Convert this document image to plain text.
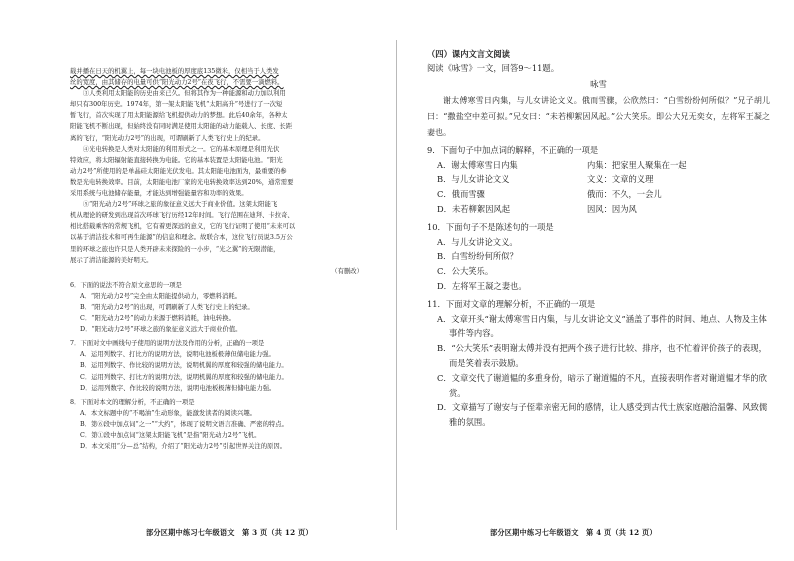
载并播在日天的机翼上，每一块电池板的厚度底135微米，仅相当于人类发

丝的宽度，由其储存的电量可供“阳光动力2号”在夜飞行，不需要一滴燃料。

③人类利用太阳能的历史由来已久。但将其作为一种能源和动力加以利用

却只有300年历史。1974年，第一架太阳能飞机“太阳高升”号进行了一次短

暂飞行，首次实现了用太阳能源给飞机提供动力的梦想。此后40余年，各种太

阳能飞机不断出现，但始终没有同时满足使用太阳能的动力能载人、长度、长距

离的飞行，“阳光动力2号”的出现，可谓刷新了人类飞行史上的纪录。

④光电转换是人类对太阳能的利用形式之一。它的基本原理是利用光伏

特效应，将太阳辐射能直接转换为电能。它的基本装置是太阳能电池。“阳光

动力2号”所使用的是单晶硅太阳能光伏发电。其太阳能电池面为，最重要的参

数是光电转换效率。目前，太阳能电池厂家的光电转换效率达到20%，通常需要

采用系统与电池储存能量，才能达到增强能量容和功率的效果。

⑤“阳光动力2号”环球之旅的象征意义远大于商业价值。这架太阳能飞

机从理论的研发到出现首次环球飞行历经12年时间。飞行范围在迪拜、卡拉奇、

相比搭载乘客的常规飞机，它有着更深远的意义，它的飞行证明了使用“未来可以

以基于清洁技术和可再生能源”的信息和理念。故联合本，这位飞行员说3.5万公

里的环球之旅也许只是人类开辟未来探险的一小步，“光之翼”的无限潜能，

展示了清洁能源的美好明天。

（有删改）

6．下面的说法不符合原文意思的一项是

A．“阳光动力2号”完全由太阳能提供动力，零燃料消耗。

B．“阳光动力2号”的出现，可谓刷新了人类飞行史上的纪录。

C．“阳光动力2号”的动力来源于燃料消耗，油电转换。

D．“阳光动力2号”环球之旅的象征意义远大于商业价值。

7．下面对文中画线句子使用的说明方法及作用的分析，正确的一项是

A．运用列数字、打比方的说明方法，说明电池板极薄但储电能力强。

B．运用列数字、作比较的说明方法，说明机翼的厚度和较强的储电能力。

C．运用列数字、打比方的说明方法，说明机翼的厚度和较强的储电能力。

D．运用列数字、作比较的说明方法，说明电池板极薄但储电能力强。

8．下面对本文的理解分析，不正确的一项是

A．本文标题中的“不喝油”生动形象，能激发读者的阅读兴趣。

B．第⑥段中加点词“之一”“大约”，体现了说明文语言准确、严密的特点。

C．第①段中加点词“这架太阳能飞机”是指“阳光动力2号”飞机。

D．本文采用“分—总”结构，介绍了“阳光动力2号”引起世界关注的原因。

（四）课内文言文阅读

阅读《咏雪》一文，回答9～11题。

咏雪

谢太傅寒雪日内集，与儿女讲论文义。俄而雪骤，公欣然曰：“白雪纷纷何所似？”兄子胡儿曰：“撒盐空中差可拟。”兄女曰：“未若柳絮因风起。”公大笑乐。即公大兄无奕女，左将军王凝之妻也。

9．下面句子中加点词的解释，不正确的一项是

A．谢太傅寒雪日内集	内集：把家里人聚集在一起
B．与儿女讲论文义	文义：文章的义理
C．俄而雪骤	俄而：不久，一会儿
D．未若柳絮因风起	因风：因为风

10．下面句子不是陈述句的一项是

A．与儿女讲论文义。

B．白雪纷纷何所似？

C．公大笑乐。

D．左将军王凝之妻也。

11．下面对文章的理解分析，不正确的一项是

A．文章开头“谢太傅寒雪日内集，与儿女讲论文义”涵盖了事件的时间、地点、人物及主体事件等内容。

B．“公大笑乐”表明谢太傅并没有把两个孩子进行比较、排序，也不忙着评价孩子的表现，而是笑着表示鼓励。

C．文章交代了谢道韫的多重身份，暗示了谢道韫的不凡，直接表明作者对谢道韫才华的欣赏。

D．文章描写了谢安与子侄辈亲密无间的感情，让人感受到古代士族家庭融洽温馨、风致儒雅的氛围。

部分区期中练习七年级语文　第 3 页（共 12 页）	部分区期中练习七年级语文　第 4 页（共 12 页）
